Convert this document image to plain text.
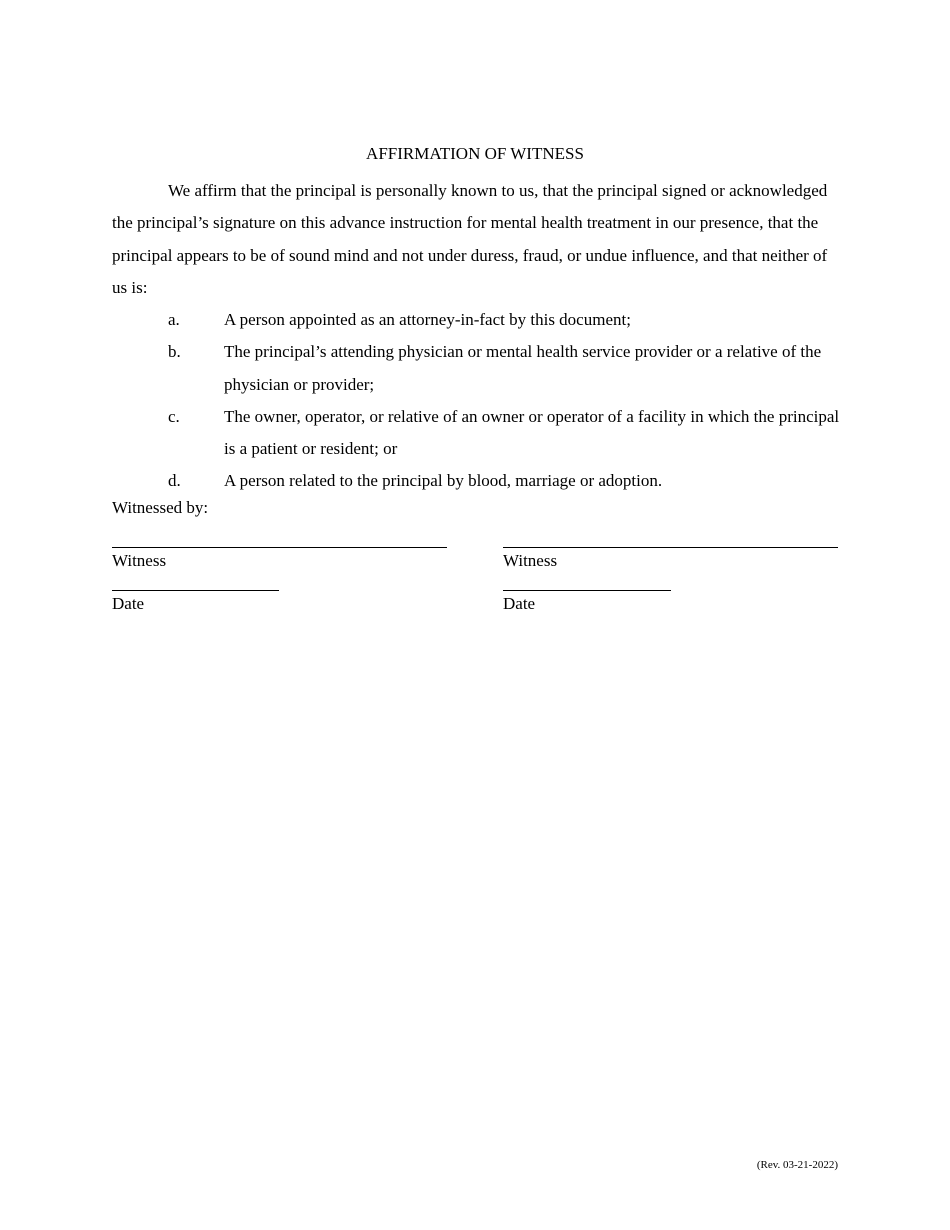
AFFIRMATION OF WITNESS

We affirm that the principal is personally known to us, that the principal signed or acknowledged the principal’s signature on this advance instruction for mental health treatment in our presence, that the principal appears to be of sound mind and not under duress, fraud, or undue influence, and that neither of us is:

a.	A person appointed as an attorney-in-fact by this document;
b.	The principal’s attending physician or mental health service provider or a relative of the physician or provider;
c.	The owner, operator, or relative of an owner or operator of a facility in which the principal is a patient or resident; or
d.	A person related to the principal by blood, marriage or adoption.
Witnessed by:
Witness
Date
Witness
Date
(Rev. 03-21-2022)
